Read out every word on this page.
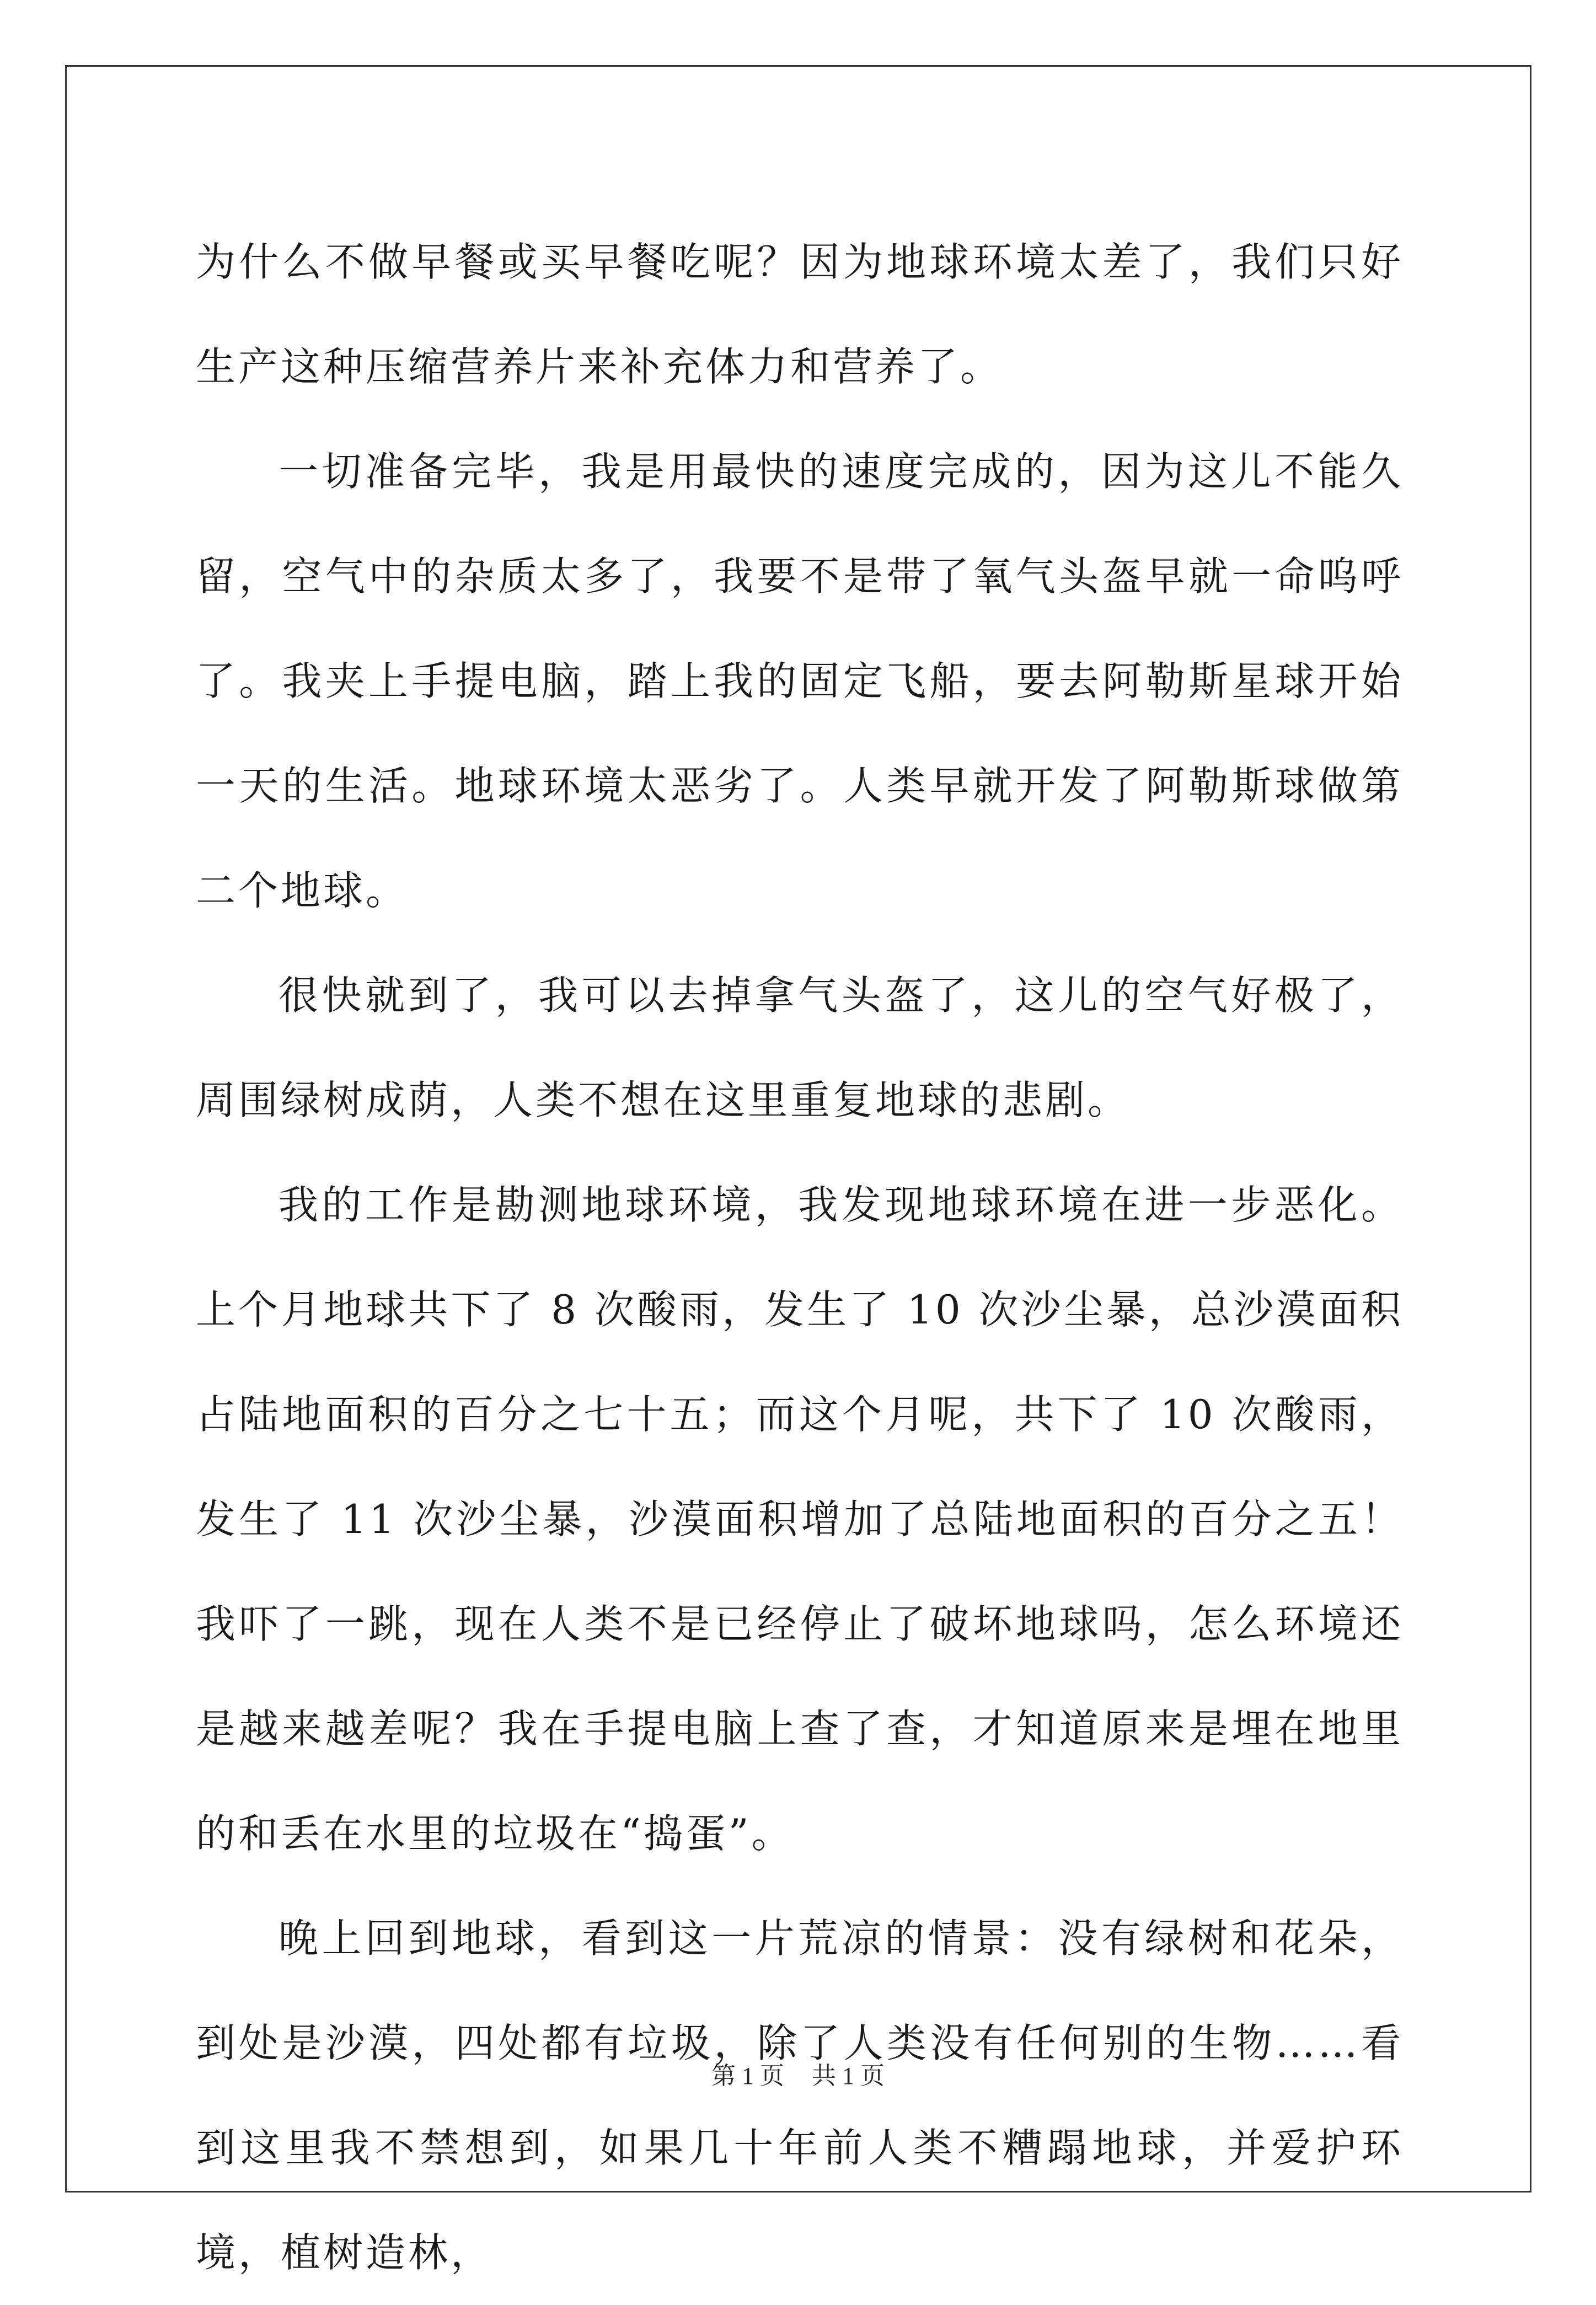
为什么不做早餐或买早餐吃呢？因为地球环境太差了，我们只好生产这种压缩营养片来补充体力和营养了。

一切准备完毕，我是用最快的速度完成的，因为这儿不能久留，空气中的杂质太多了，我要不是带了氧气头盔早就一命呜呼了。我夹上手提电脑，踏上我的固定飞船，要去阿勒斯星球开始一天的生活。地球环境太恶劣了。人类早就开发了阿勒斯球做第二个地球。

很快就到了，我可以去掉拿气头盔了，这儿的空气好极了，周围绿树成荫，人类不想在这里重复地球的悲剧。

我的工作是勘测地球环境，我发现地球环境在进一步恶化。上个月地球共下了 8 次酸雨，发生了 10 次沙尘暴，总沙漠面积占陆地面积的百分之七十五；而这个月呢，共下了 10 次酸雨，发生了 11 次沙尘暴，沙漠面积增加了总陆地面积的百分之五！我吓了一跳，现在人类不是已经停止了破坏地球吗，怎么环境还是越来越差呢？我在手提电脑上查了查，才知道原来是埋在地里的和丢在水里的垃圾在“捣蛋”。

晚上回到地球，看到这一片荒凉的情景：没有绿树和花朵，到处是沙漠，四处都有垃圾，除了人类没有任何别的生物……看到这里我不禁想到，如果几十年前人类不糟蹋地球，并爱护环境，植树造林，

第 1 页 共 1 页
